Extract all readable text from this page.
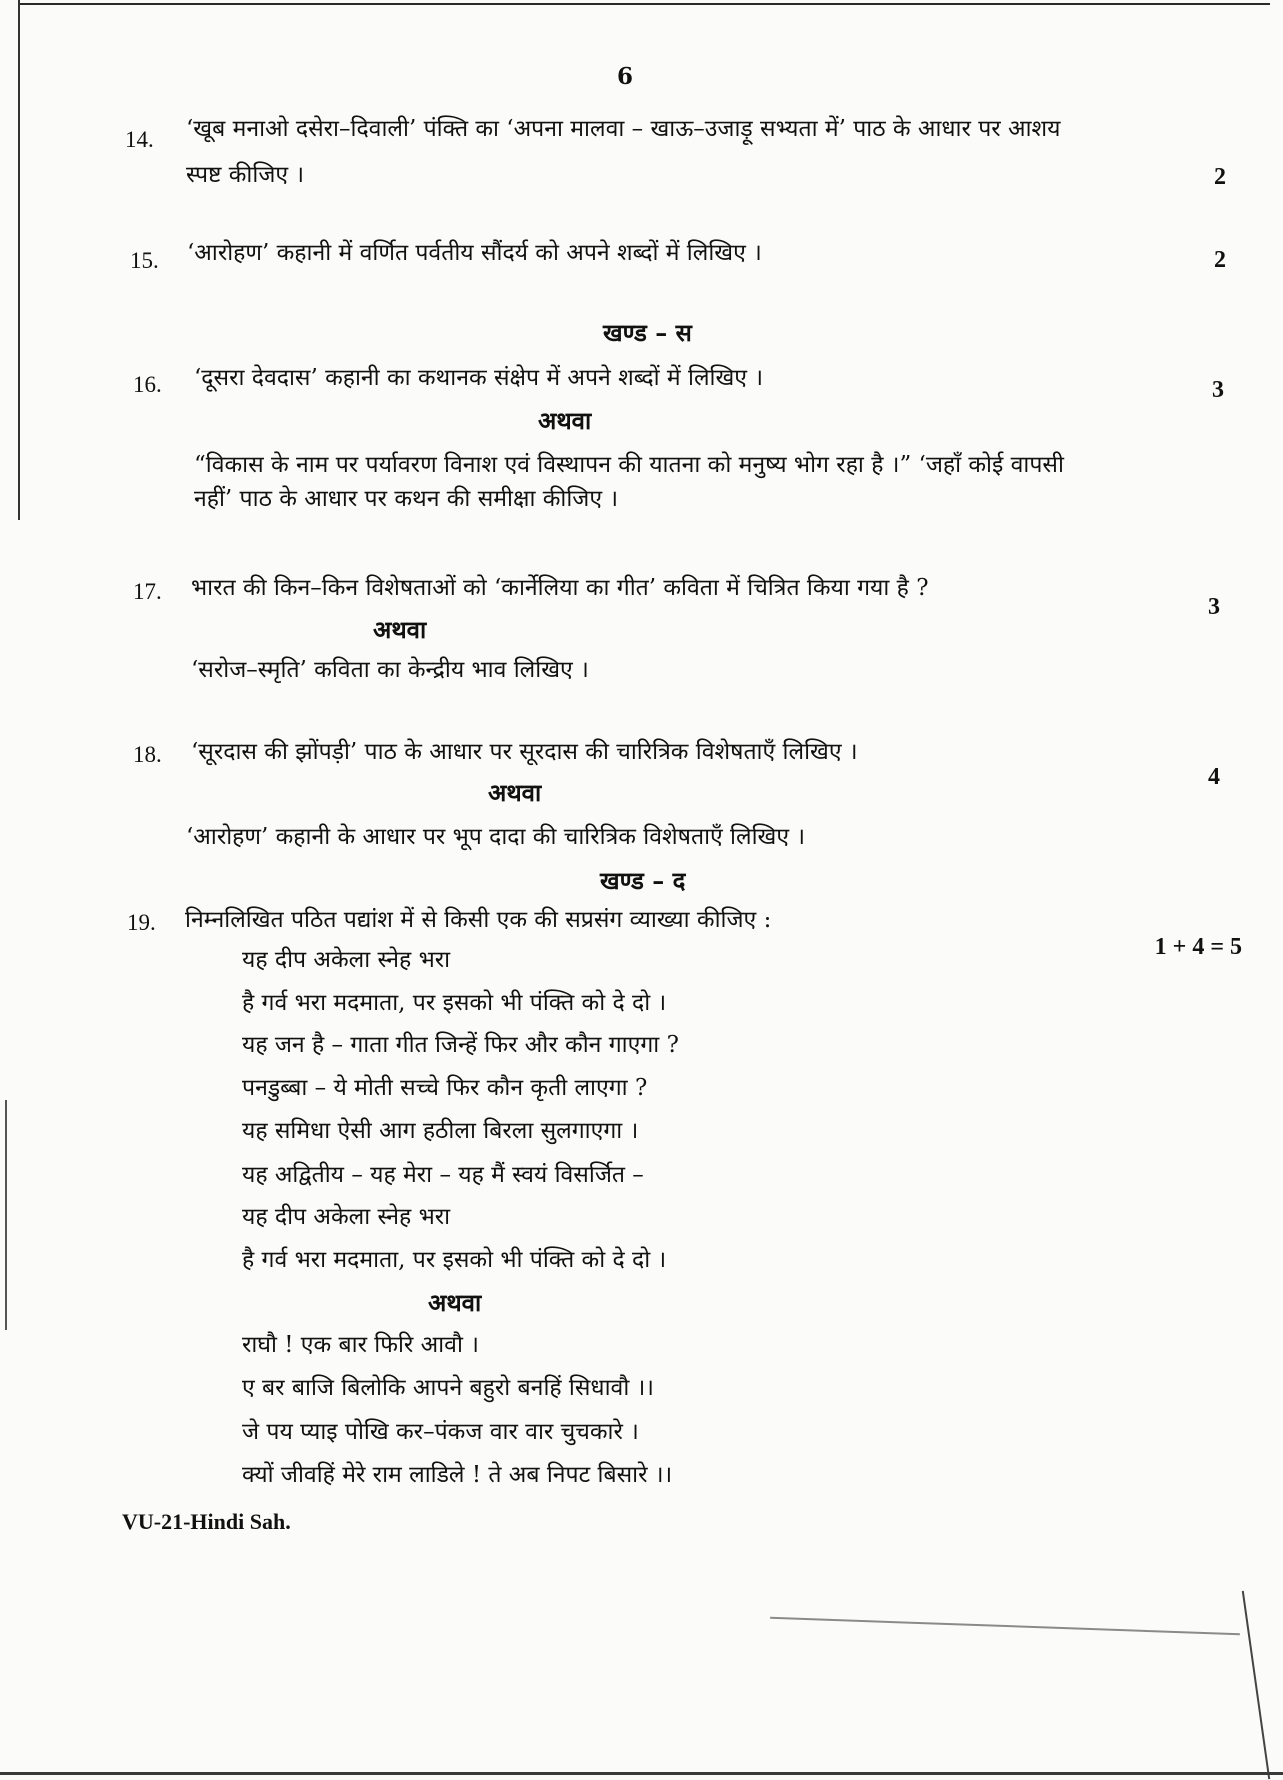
6
14. ‘खूब मनाओ दसेरा–दिवाली’ पंक्ति का ‘अपना मालवा – खाऊ–उजाड़ू सभ्यता में’ पाठ के आधार पर आशय
स्पष्ट कीजिए ।	2
15. ‘आरोहण’ कहानी में वर्णित पर्वतीय सौंदर्य को अपने शब्दों में लिखिए ।	2
खण्ड – स
16. ‘दूसरा देवदास’ कहानी का कथानक संक्षेप में अपने शब्दों में लिखिए ।	3
अथवा
“विकास के नाम पर पर्यावरण विनाश एवं विस्थापन की यातना को मनुष्य भोग रहा है ।” ‘जहाँ कोई वापसी
नहीं’ पाठ के आधार पर कथन की समीक्षा कीजिए ।
17. भारत की किन–किन विशेषताओं को ‘कार्नेलिया का गीत’ कविता में चित्रित किया गया है ?
3
अथवा
‘सरोज–स्मृति’ कविता का केन्द्रीय भाव लिखिए ।
18. ‘सूरदास की झोंपड़ी’ पाठ के आधार पर सूरदास की चारित्रिक विशेषताएँ लिखिए ।
4
अथवा
‘आरोहण’ कहानी के आधार पर भूप दादा की चारित्रिक विशेषताएँ लिखिए ।
खण्ड – द
19. निम्नलिखित पठित पद्यांश में से किसी एक की सप्रसंग व्याख्या कीजिए :
1 + 4 = 5
यह दीप अकेला स्नेह भरा
है गर्व भरा मदमाता, पर इसको भी पंक्ति को दे दो ।
यह जन है – गाता गीत जिन्हें फिर और कौन गाएगा ?
पनडुब्बा – ये मोती सच्चे फिर कौन कृती लाएगा ?
यह समिधा ऐसी आग हठीला बिरला सुलगाएगा ।
यह अद्वितीय – यह मेरा – यह मैं स्वयं विसर्जित –
यह दीप अकेला स्नेह भरा
है गर्व भरा मदमाता, पर इसको भी पंक्ति को दे दो ।
अथवा
राघौ ! एक बार फिरि आवौ ।
ए बर बाजि बिलोकि आपने बहुरो बनहिं सिधावौ ।।
जे पय प्याइ पोखि कर–पंकज वार वार चुचकारे ।
क्यों जीवहिं मेरे राम लाडिले ! ते अब निपट बिसारे ।।
VU-21-Hindi Sah.
